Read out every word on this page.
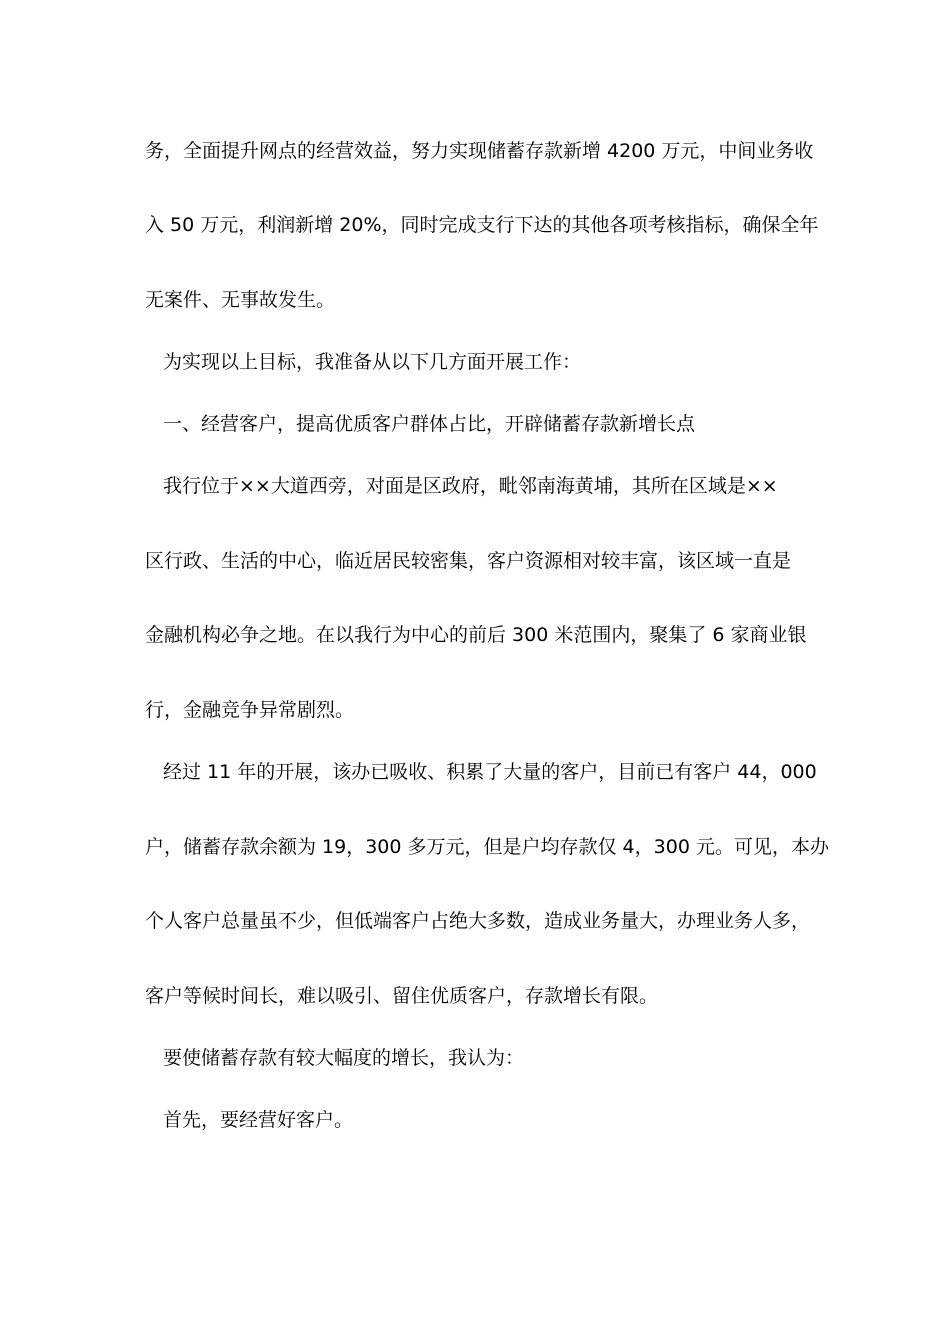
务，全面提升网点的经营效益，努力实现储蓄存款新增 4200 万元，中间业务收
入 50 万元，利润新增 20%，同时完成支行下达的其他各项考核指标，确保全年
无案件、无事故发生。
为实现以上目标，我准备从以下几方面开展工作：
一、经营客户，提高优质客户群体占比，开辟储蓄存款新增长点
我行位于××大道西旁，对面是区政府，毗邻南海黄埔，其所在区域是××
区行政、生活的中心，临近居民较密集，客户资源相对较丰富，该区域一直是
金融机构必争之地。在以我行为中心的前后 300 米范围内，聚集了 6 家商业银
行，金融竞争异常剧烈。
经过 11 年的开展，该办已吸收、积累了大量的客户，目前已有客户 44，000
户，储蓄存款余额为 19，300 多万元，但是户均存款仅 4，300 元。可见，本办
个人客户总量虽不少，但低端客户占绝大多数，造成业务量大，办理业务人多，
客户等候时间长，难以吸引、留住优质客户，存款增长有限。
要使储蓄存款有较大幅度的增长，我认为：
首先，要经营好客户。
